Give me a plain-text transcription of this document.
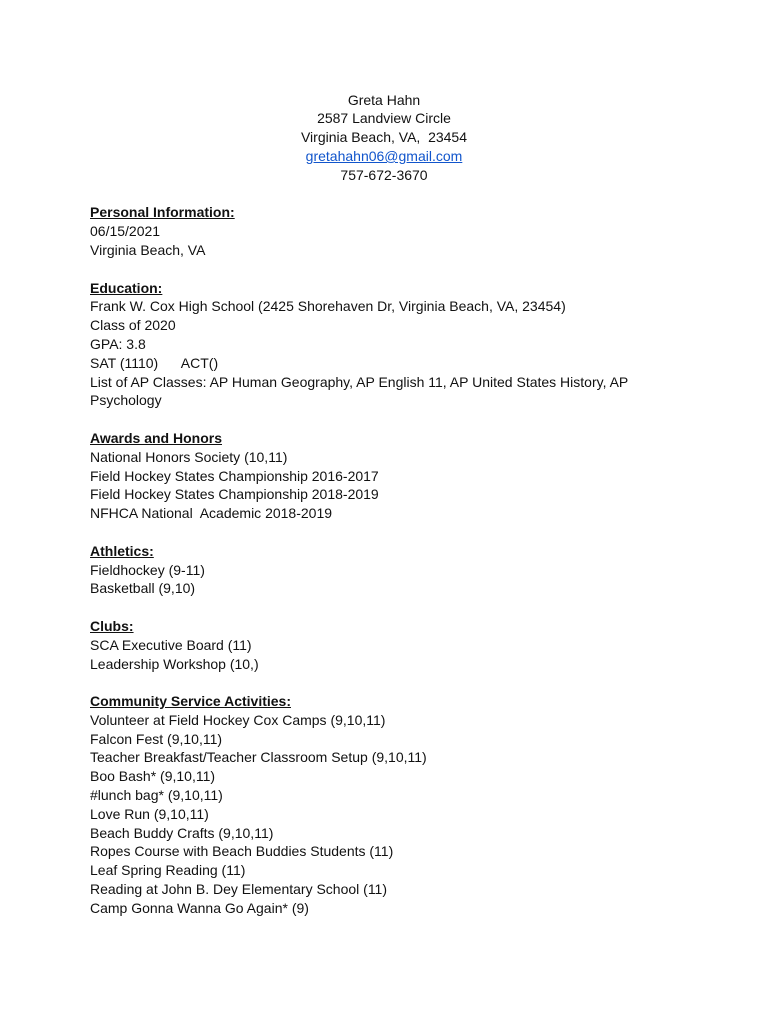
Greta Hahn
2587 Landview Circle
Virginia Beach, VA,  23454
gretahahn06@gmail.com
757-672-3670
Personal Information:
06/15/2021
Virginia Beach, VA
Education:
Frank W. Cox High School (2425 Shorehaven Dr, Virginia Beach, VA, 23454)
Class of 2020
GPA: 3.8
SAT (1110)      ACT()
List of AP Classes: AP Human Geography, AP English 11, AP United States History, AP Psychology
Awards and Honors
National Honors Society (10,11)
Field Hockey States Championship 2016-2017
Field Hockey States Championship 2018-2019
NFHCA National  Academic 2018-2019
Athletics:
Fieldhockey (9-11)
Basketball (9,10)
Clubs:
SCA Executive Board (11)
Leadership Workshop (10,)
Community Service Activities:
Volunteer at Field Hockey Cox Camps (9,10,11)
Falcon Fest (9,10,11)
Teacher Breakfast/Teacher Classroom Setup (9,10,11)
Boo Bash* (9,10,11)
#lunch bag* (9,10,11)
Love Run (9,10,11)
Beach Buddy Crafts (9,10,11)
Ropes Course with Beach Buddies Students (11)
Leaf Spring Reading (11)
Reading at John B. Dey Elementary School (11)
Camp Gonna Wanna Go Again* (9)
